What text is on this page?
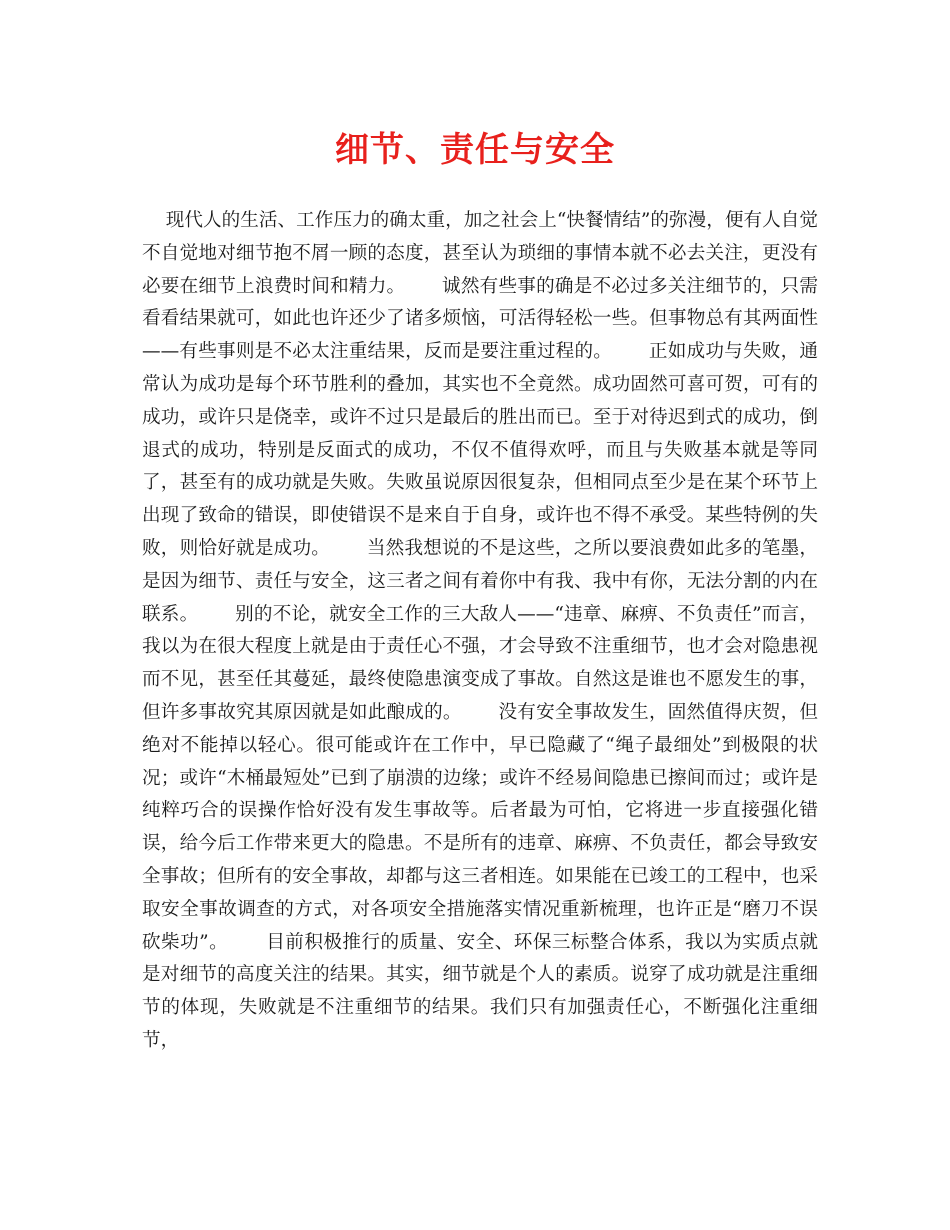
细节、责任与安全
现代人的生活、工作压力的确太重，加之社会上“快餐情结”的弥漫，便有人自觉不自觉地对细节抱不屑一顾的态度，甚至认为琐细的事情本就不必去关注，更没有必要在细节上浪费时间和精力。      诚然有些事的确是不必过多关注细节的，只需看看结果就可，如此也许还少了诸多烦恼，可活得轻松一些。但事物总有其两面性——有些事则是不必太注重结果，反而是要注重过程的。      正如成功与失败，通常认为成功是每个环节胜利的叠加，其实也不全竟然。成功固然可喜可贺，可有的成功，或许只是侥幸，或许不过只是最后的胜出而已。至于对待迟到式的成功，倒退式的成功，特别是反面式的成功，不仅不值得欢呼，而且与失败基本就是等同了，甚至有的成功就是失败。失败虽说原因很复杂，但相同点至少是在某个环节上出现了致命的错误，即使错误不是来自于自身，或许也不得不承受。某些特例的失败，则恰好就是成功。      当然我想说的不是这些，之所以要浪费如此多的笔墨，是因为细节、责任与安全，这三者之间有着你中有我、我中有你，无法分割的内在联系。      别的不论，就安全工作的三大敌人——“违章、麻痹、不负责任”而言，我以为在很大程度上就是由于责任心不强，才会导致不注重细节，也才会对隐患视而不见，甚至任其蔓延，最终使隐患演变成了事故。自然这是谁也不愿发生的事，但许多事故究其原因就是如此酿成的。      没有安全事故发生，固然值得庆贺，但绝对不能掉以轻心。很可能或许在工作中，早已隐藏了“绳子最细处”到极限的状况；或许“木桶最短处”已到了崩溃的边缘；或许不经易间隐患已擦间而过；或许是纯粹巧合的误操作恰好没有发生事故等。后者最为可怕，它将进一步直接强化错误，给今后工作带来更大的隐患。不是所有的违章、麻痹、不负责任，都会导致安全事故；但所有的安全事故，却都与这三者相连。如果能在已竣工的工程中，也采取安全事故调查的方式，对各项安全措施落实情况重新梳理，也许正是“磨刀不误砍柴功”。      目前积极推行的质量、安全、环保三标整合体系，我以为实质点就是对细节的高度关注的结果。其实，细节就是个人的素质。说穿了成功就是注重细节的体现，失败就是不注重细节的结果。我们只有加强责任心，不断强化注重细节，
